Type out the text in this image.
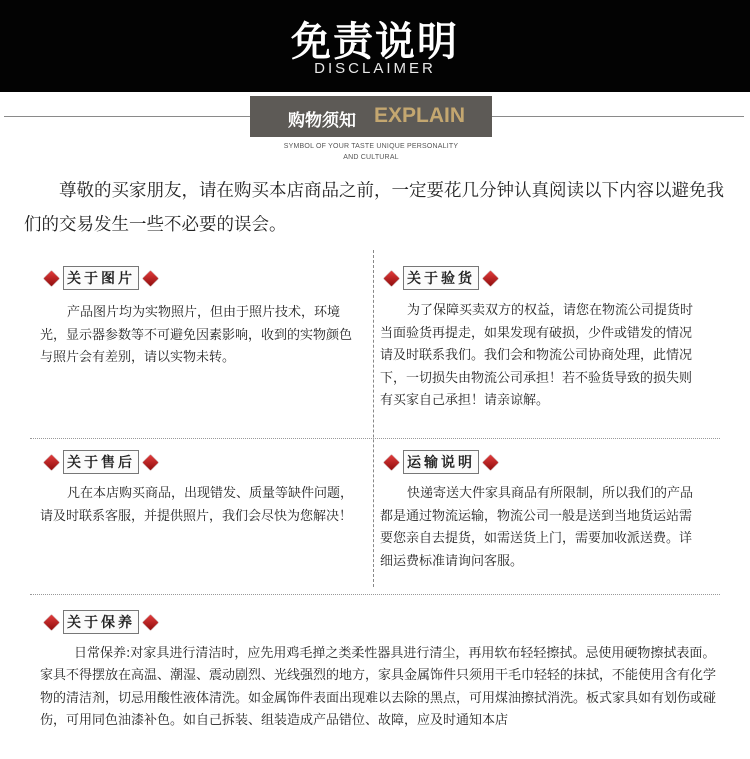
免责说明
DISCLAIMER
购物须知 EXPLAIN
SYMBOL OF YOUR TASTE UNIQUE PERSONALITY
AND CULTURAL
尊敬的买家朋友，请在购买本店商品之前，一定要花几分钟认真阅读以下内容以避免我们的交易发生一些不必要的误会。
关于图片
产品图片均为实物照片，但由于照片技术，环境光，显示器参数等不可避免因素影响，收到的实物颜色与照片会有差别，请以实物未转。
关于验货
为了保障买卖双方的权益，请您在物流公司提货时当面验货再提走，如果发现有破损，少件或错发的情况请及时联系我们。我们会和物流公司协商处理，此情况下，一切损失由物流公司承担！若不验货导致的损失则有买家自己承担！请亲谅解。
关于售后
凡在本店购买商品，出现错发、质量等缺件问题，请及时联系客服，并提供照片，我们会尽快为您解决！
运输说明
快递寄送大件家具商品有所限制，所以我们的产品都是通过物流运输，物流公司一般是送到当地货运站需要您亲自去提货，如需送货上门，需要加收派送费。详细运费标准请询问客服。
关于保养
日常保养:对家具进行清洁时，应先用鸡毛掸之类柔性器具进行清尘，再用软布轻轻擦拭。忌使用硬物擦拭表面。家具不得摆放在高温、潮湿、震动剧烈、光线强烈的地方，家具金属饰件只须用干毛巾轻轻的抹拭，不能使用含有化学物的清洁剂，切忌用酸性液体清洗。如金属饰件表面出现难以去除的黑点，可用煤油擦拭消洗。板式家具如有划伤或碰伤，可用同色油漆补色。如自己拆装、组装造成产品错位、故障，应及时通知本店
